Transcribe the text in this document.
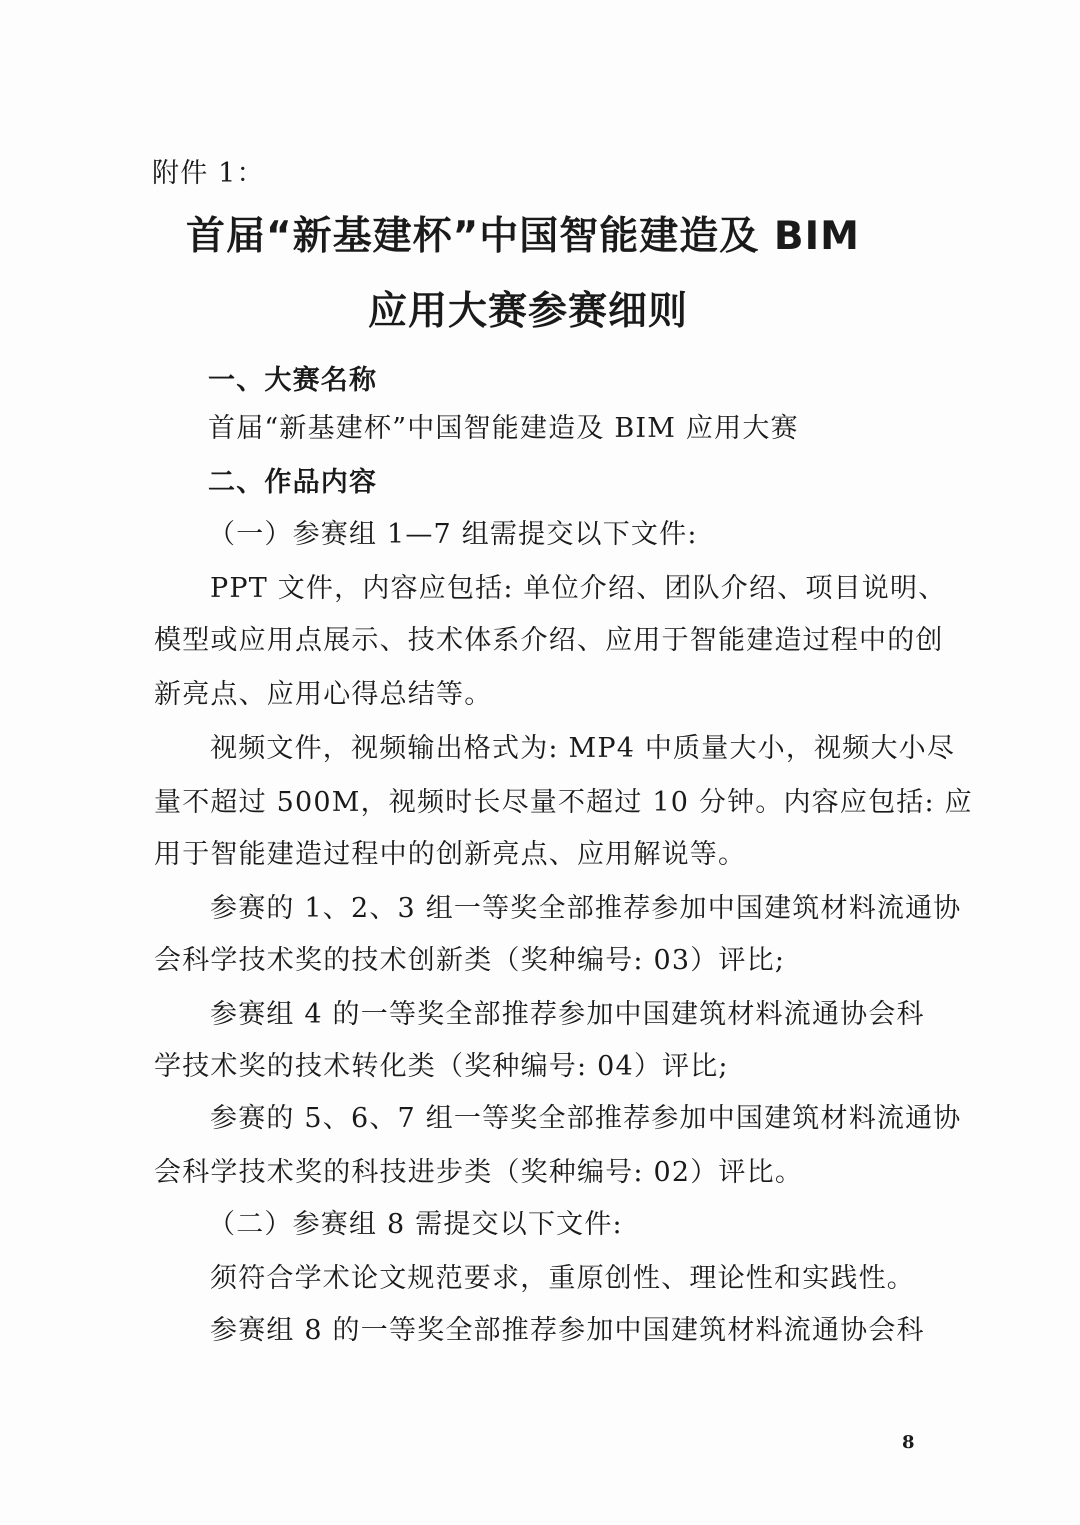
附件 1：
首届“新基建杯”中国智能建造及 BIM
应用大赛参赛细则
一、大赛名称
首届“新基建杯”中国智能建造及 BIM 应用大赛
二、作品内容
（一）参赛组 1—7 组需提交以下文件:
PPT 文件，内容应包括: 单位介绍、团队介绍、项目说明、
模型或应用点展示、技术体系介绍、应用于智能建造过程中的创
新亮点、应用心得总结等。
视频文件，视频输出格式为: MP4 中质量大小，视频大小尽
量不超过 500M，视频时长尽量不超过 10 分钟。内容应包括: 应
用于智能建造过程中的创新亮点、应用解说等。
参赛的 1、2、3 组一等奖全部推荐参加中国建筑材料流通协
会科学技术奖的技术创新类（奖种编号: 03）评比;
参赛组 4 的一等奖全部推荐参加中国建筑材料流通协会科
学技术奖的技术转化类（奖种编号: 04）评比;
参赛的 5、6、7 组一等奖全部推荐参加中国建筑材料流通协
会科学技术奖的科技进步类（奖种编号: 02）评比。
（二）参赛组 8 需提交以下文件:
须符合学术论文规范要求，重原创性、理论性和实践性。
参赛组 8 的一等奖全部推荐参加中国建筑材料流通协会科
8
